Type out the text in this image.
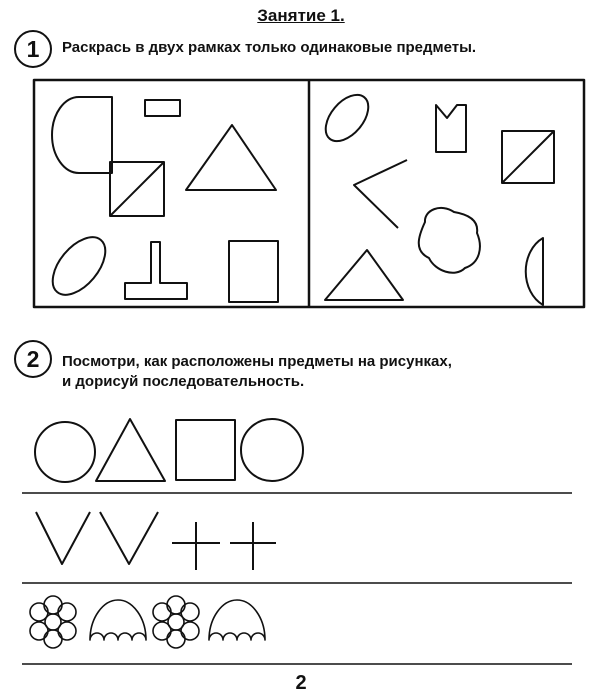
Занятие 1.
1	Раскрась в двух рамках только одинаковые предметы.
2	Посмотри, как расположены предметы на рисунках,
и дорисуй последовательность.
2
